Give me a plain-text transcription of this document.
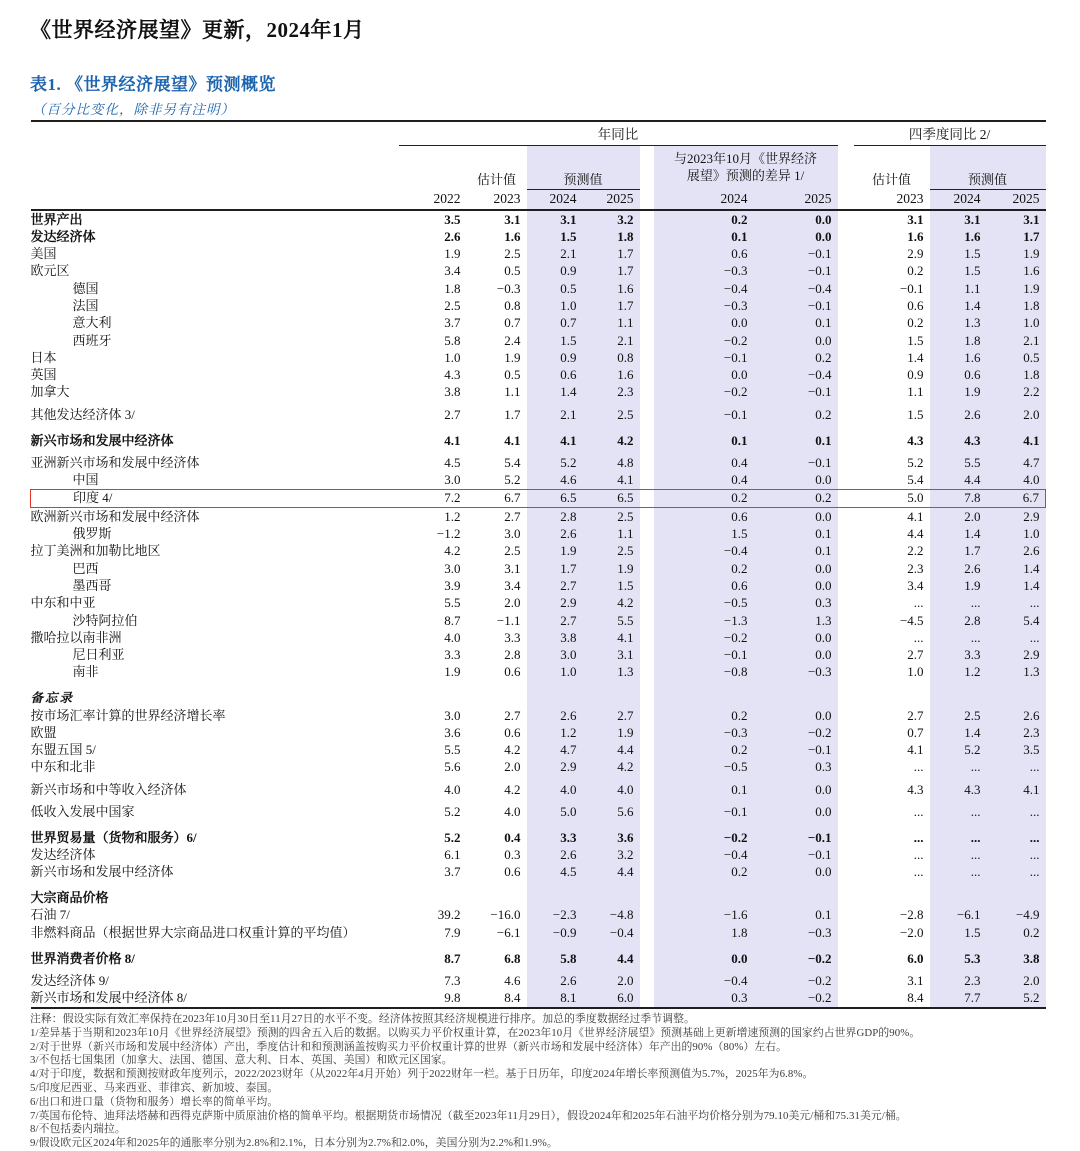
《世界经济展望》更新，2024年1月
表1. 《世界经济展望》预测概览
（百分比变化，除非另有注明）
	年同比								四季度同比 2/		
		估计值	预测值			与2023年10月《世界经济
展望》预测的差异 1/			估计值	预测值	
	2022	2023	2024	2025		2024	2025		2023	2024	2025
世界产出	3.5	3.1	3.1	3.2		0.2	0.0		3.1	3.1	3.1
发达经济体	2.6	1.6	1.5	1.8		0.1	0.0		1.6	1.6	1.7
美国	1.9	2.5	2.1	1.7		0.6	−0.1		2.9	1.5	1.9
欧元区	3.4	0.5	0.9	1.7		−0.3	−0.1		0.2	1.5	1.6
德国	1.8	−0.3	0.5	1.6		−0.4	−0.4		−0.1	1.1	1.9
法国	2.5	0.8	1.0	1.7		−0.3	−0.1		0.6	1.4	1.8
意大利	3.7	0.7	0.7	1.1		0.0	0.1		0.2	1.3	1.0
西班牙	5.8	2.4	1.5	2.1		−0.2	0.0		1.5	1.8	2.1
日本	1.0	1.9	0.9	0.8		−0.1	0.2		1.4	1.6	0.5
英国	4.3	0.5	0.6	1.6		0.0	−0.4		0.9	0.6	1.8
加拿大	3.8	1.1	1.4	2.3		−0.2	−0.1		1.1	1.9	2.2
其他发达经济体 3/	2.7	1.7	2.1	2.5		−0.1	0.2		1.5	2.6	2.0
新兴市场和发展中经济体	4.1	4.1	4.1	4.2		0.1	0.1		4.3	4.3	4.1
亚洲新兴市场和发展中经济体	4.5	5.4	5.2	4.8		0.4	−0.1		5.2	5.5	4.7
中国	3.0	5.2	4.6	4.1		0.4	0.0		5.4	4.4	4.0
印度 4/	7.2	6.7	6.5	6.5		0.2	0.2		5.0	7.8	6.7
欧洲新兴市场和发展中经济体	1.2	2.7	2.8	2.5		0.6	0.0		4.1	2.0	2.9
俄罗斯	−1.2	3.0	2.6	1.1		1.5	0.1		4.4	1.4	1.0
拉丁美洲和加勒比地区	4.2	2.5	1.9	2.5		−0.4	0.1		2.2	1.7	2.6
巴西	3.0	3.1	1.7	1.9		0.2	0.0		2.3	2.6	1.4
墨西哥	3.9	3.4	2.7	1.5		0.6	0.0		3.4	1.9	1.4
中东和中亚	5.5	2.0	2.9	4.2		−0.5	0.3		...	...	...
沙特阿拉伯	8.7	−1.1	2.7	5.5		−1.3	1.3		−4.5	2.8	5.4
撒哈拉以南非洲	4.0	3.3	3.8	4.1		−0.2	0.0		...	...	...
尼日利亚	3.3	2.8	3.0	3.1		−0.1	0.0		2.7	3.3	2.9
南非	1.9	0.6	1.0	1.3		−0.8	−0.3		1.0	1.2	1.3
备忘录											
按市场汇率计算的世界经济增长率	3.0	2.7	2.6	2.7		0.2	0.0		2.7	2.5	2.6
欧盟	3.6	0.6	1.2	1.9		−0.3	−0.2		0.7	1.4	2.3
东盟五国 5/	5.5	4.2	4.7	4.4		0.2	−0.1		4.1	5.2	3.5
中东和北非	5.6	2.0	2.9	4.2		−0.5	0.3		...	...	...
新兴市场和中等收入经济体	4.0	4.2	4.0	4.0		0.1	0.0		4.3	4.3	4.1
低收入发展中国家	5.2	4.0	5.0	5.6		−0.1	0.0		...	...	...
世界贸易量（货物和服务）6/	5.2	0.4	3.3	3.6		−0.2	−0.1		...	...	...
发达经济体	6.1	0.3	2.6	3.2		−0.4	−0.1		...	...	...
新兴市场和发展中经济体	3.7	0.6	4.5	4.4		0.2	0.0		...	...	...
大宗商品价格											
石油 7/	39.2	−16.0	−2.3	−4.8		−1.6	0.1		−2.8	−6.1	−4.9
非燃料商品（根据世界大宗商品进口权重计算的平均值）	7.9	−6.1	−0.9	−0.4		1.8	−0.3		−2.0	1.5	0.2
世界消费者价格 8/	8.7	6.8	5.8	4.4		0.0	−0.2		6.0	5.3	3.8
发达经济体 9/	7.3	4.6	2.6	2.0		−0.4	−0.2		3.1	2.3	2.0
新兴市场和发展中经济体 8/	9.8	8.4	8.1	6.0		0.3	−0.2		8.4	7.7	5.2

注释：假设实际有效汇率保持在2023年10月30日至11月27日的水平不变。经济体按照其经济规模进行排序。加总的季度数据经过季节调整。

1/差异基于当期和2023年10月《世界经济展望》预测的四舍五入后的数据。以购买力平价权重计算，在2023年10月《世界经济展望》预测基础上更新增速预测的国家约占世界GDP的90%。

2/对于世界（新兴市场和发展中经济体）产出，季度估计和和预测涵盖按购买力平价权重计算的世界（新兴市场和发展中经济体）年产出的90%（80%）左右。

3/不包括七国集团（加拿大、法国、德国、意大利、日本、英国、美国）和欧元区国家。

4/对于印度，数据和预测按财政年度列示，2022/2023财年（从2022年4月开始）列于2022财年一栏。基于日历年，印度2024年增长率预测值为5.7%，2025年为6.8%。

5/印度尼西亚、马来西亚、菲律宾、新加坡、泰国。

6/出口和进口量（货物和服务）增长率的简单平均。

7/英国布伦特、迪拜法塔赫和西得克萨斯中质原油价格的简单平均。根据期货市场情况（截至2023年11月29日），假设2024年和2025年石油平均价格分别为79.10美元/桶和75.31美元/桶。

8/不包括委内瑞拉。

9/假设欧元区2024年和2025年的通胀率分别为2.8%和2.1%，日本分别为2.7%和2.0%，美国分别为2.2%和1.9%。
